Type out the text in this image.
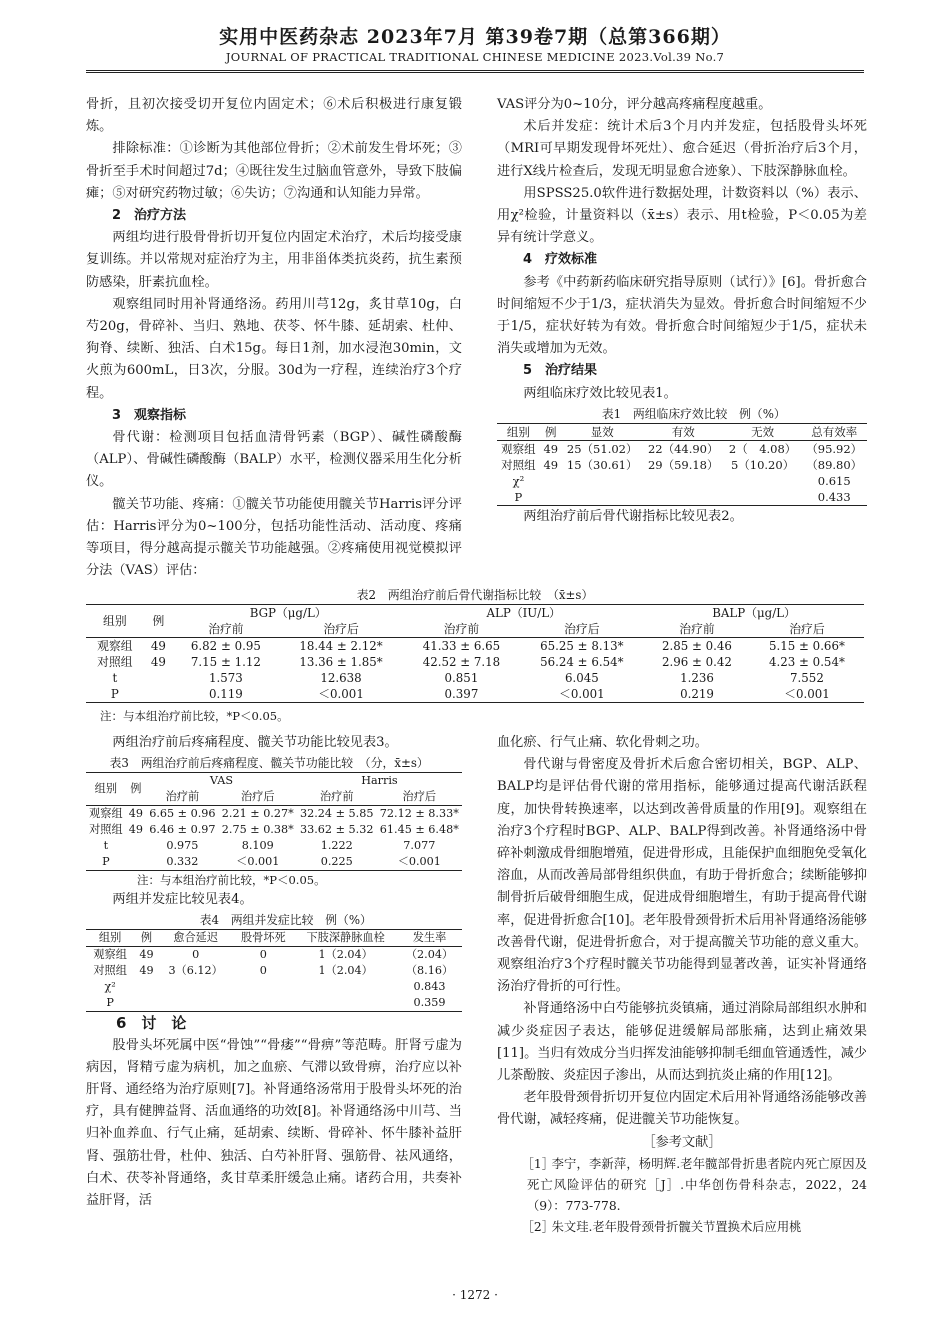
实用中医药杂志 2023年7月 第39卷7期（总第366期）
JOURNAL OF PRACTICAL TRADITIONAL CHINESE MEDICINE 2023.Vol.39 No.7

骨折，且初次接受切开复位内固定术；⑥术后积极进行康复锻炼。

排除标准：①诊断为其他部位骨折；②术前发生骨坏死；③骨折至手术时间超过7d；④既往发生过脑血管意外，导致下肢偏瘫；⑤对研究药物过敏；⑥失访；⑦沟通和认知能力异常。

2　治疗方法

两组均进行股骨骨折切开复位内固定术治疗，术后均接受康复训练。并以常规对症治疗为主，用非甾体类抗炎药，抗生素预防感染，肝素抗血栓。

观察组同时用补肾通络汤。药用川芎12g，炙甘草10g，白芍20g，骨碎补、当归、熟地、茯苓、怀牛膝、延胡索、杜仲、狗脊、续断、独活、白术15g。每日1剂，加水浸泡30min，文火煎为600mL，日3次，分服。30d为一疗程，连续治疗3个疗程。

3　观察指标

骨代谢：检测项目包括血清骨钙素（BGP）、碱性磷酸酶（ALP）、骨碱性磷酸酶（BALP）水平，检测仪器采用生化分析仪。

髋关节功能、疼痛：①髋关节功能使用髋关节Harris评分评估：Harris评分为0~100分，包括功能性活动、活动度、疼痛等项目，得分越高提示髋关节功能越强。②疼痛使用视觉模拟评分法（VAS）评估：

VAS评分为0~10分，评分越高疼痛程度越重。

术后并发症：统计术后3个月内并发症，包括股骨头坏死（MRI可早期发现骨坏死灶）、愈合延迟（骨折治疗后3个月，进行X线片检查后，发现无明显愈合迹象）、下肢深静脉血栓。

用SPSS25.0软件进行数据处理，计数资料以（%）表示、用χ²检验，计量资料以（x̄±s）表示、用t检验，P＜0.05为差异有统计学意义。

4　疗效标准

参考《中药新药临床研究指导原则（试行）》[6]。骨折愈合时间缩短不少于1/3，症状消失为显效。骨折愈合时间缩短不少于1/5，症状好转为有效。骨折愈合时间缩短少于1/5，症状未消失或增加为无效。

5　治疗结果

两组临床疗效比较见表1。

表1　两组临床疗效比较　例（%）

组别	例	显效	有效	无效	总有效率
观察组	49	25（51.02）	22（44.90）	2（　4.08）	（95.92）
对照组	49	15（30.61）	29（59.18）	5（10.20）	（89.80）
χ²					0.615
P					0.433

两组治疗前后骨代谢指标比较见表2。

表2　两组治疗前后骨代谢指标比较　（x̄±s）

组别	例	BGP（μg/L）		ALP（IU/L）		BALP（μg/L）	
		治疗前	治疗后	治疗前	治疗后	治疗前	治疗后
观察组	49	6.82 ± 0.95	18.44 ± 2.12*	41.33 ± 6.65	65.25 ± 8.13*	2.85 ± 0.46	5.15 ± 0.66*
对照组	49	7.15 ± 1.12	13.36 ± 1.85*	42.52 ± 7.18	56.24 ± 6.54*	2.96 ± 0.42	4.23 ± 0.54*
t		1.573	12.638	0.851	6.045	1.236	7.552
P		0.119	＜0.001	0.397	＜0.001	0.219	＜0.001

注：与本组治疗前比较，*P＜0.05。

两组治疗前后疼痛程度、髋关节功能比较见表3。

表3　两组治疗前后疼痛程度、髋关节功能比较　（分，x̄±s）

组别	例	VAS		Harris	
		治疗前	治疗后	治疗前	治疗后
观察组	49	6.65 ± 0.96	2.21 ± 0.27*	32.24 ± 5.85	72.12 ± 8.33*
对照组	49	6.46 ± 0.97	2.75 ± 0.38*	33.62 ± 5.32	61.45 ± 6.48*
t		0.975	8.109	1.222	7.077
P		0.332	＜0.001	0.225	＜0.001

注：与本组治疗前比较，*P＜0.05。

两组并发症比较见表4。

表4　两组并发症比较　例（%）

组别	例	愈合延迟	股骨坏死	下肢深静脉血栓	发生率
观察组	49	0	0	1（2.04）	（2.04）
对照组	49	3（6.12）	0	1（2.04）	（8.16）
χ²					0.843
P					0.359

6　讨　论

股骨头坏死属中医“骨蚀”“骨痿”“骨痹”等范畴。肝肾亏虚为病因，肾精亏虚为病机，加之血瘀、气滞以致骨痹，治疗应以补肝肾、通经络为治疗原则[7]。补肾通络汤常用于股骨头坏死的治疗，具有健脾益肾、活血通络的功效[8]。补肾通络汤中川芎、当归补血养血、行气止痛，延胡索、续断、骨碎补、怀牛膝补益肝肾、强筋壮骨，杜仲、独活、白芍补肝肾、强筋骨、祛风通络，白术、茯苓补肾通络，炙甘草柔肝缓急止痛。诸药合用，共奏补益肝肾，活

血化瘀、行气止痛、软化骨刺之功。

骨代谢与骨密度及骨折术后愈合密切相关，BGP、ALP、BALP均是评估骨代谢的常用指标，能够通过提高代谢活跃程度，加快骨转换速率，以达到改善骨质量的作用[9]。观察组在治疗3个疗程时BGP、ALP、BALP得到改善。补肾通络汤中骨碎补刺激成骨细胞增殖，促进骨形成，且能保护血细胞免受氧化溶血，从而改善局部骨组织供血，有助于骨折愈合；续断能够抑制骨折后破骨细胞生成，促进成骨细胞增生，有助于提高骨代谢率，促进骨折愈合[10]。老年股骨颈骨折术后用补肾通络汤能够改善骨代谢，促进骨折愈合，对于提高髋关节功能的意义重大。观察组治疗3个疗程时髋关节功能得到显著改善，证实补肾通络汤治疗骨折的可行性。

补肾通络汤中白芍能够抗炎镇痛，通过消除局部组织水肿和减少炎症因子表达，能够促进缓解局部胀痛，达到止痛效果[11]。当归有效成分当归挥发油能够抑制毛细血管通透性，减少儿茶酚胺、炎症因子渗出，从而达到抗炎止痛的作用[12]。

老年股骨颈骨折切开复位内固定术后用补肾通络汤能够改善骨代谢，减轻疼痛，促进髋关节功能恢复。

［参考文献］

［1］
李宁，李新萍，杨明辉.老年髋部骨折患者院内死亡原因及死亡风险评估的研究［J］.中华创伤骨科杂志，2022，24（9）：773-778.

［2］
朱文珪.老年股骨颈骨折髋关节置换术后应用桃

· 1272 ·
